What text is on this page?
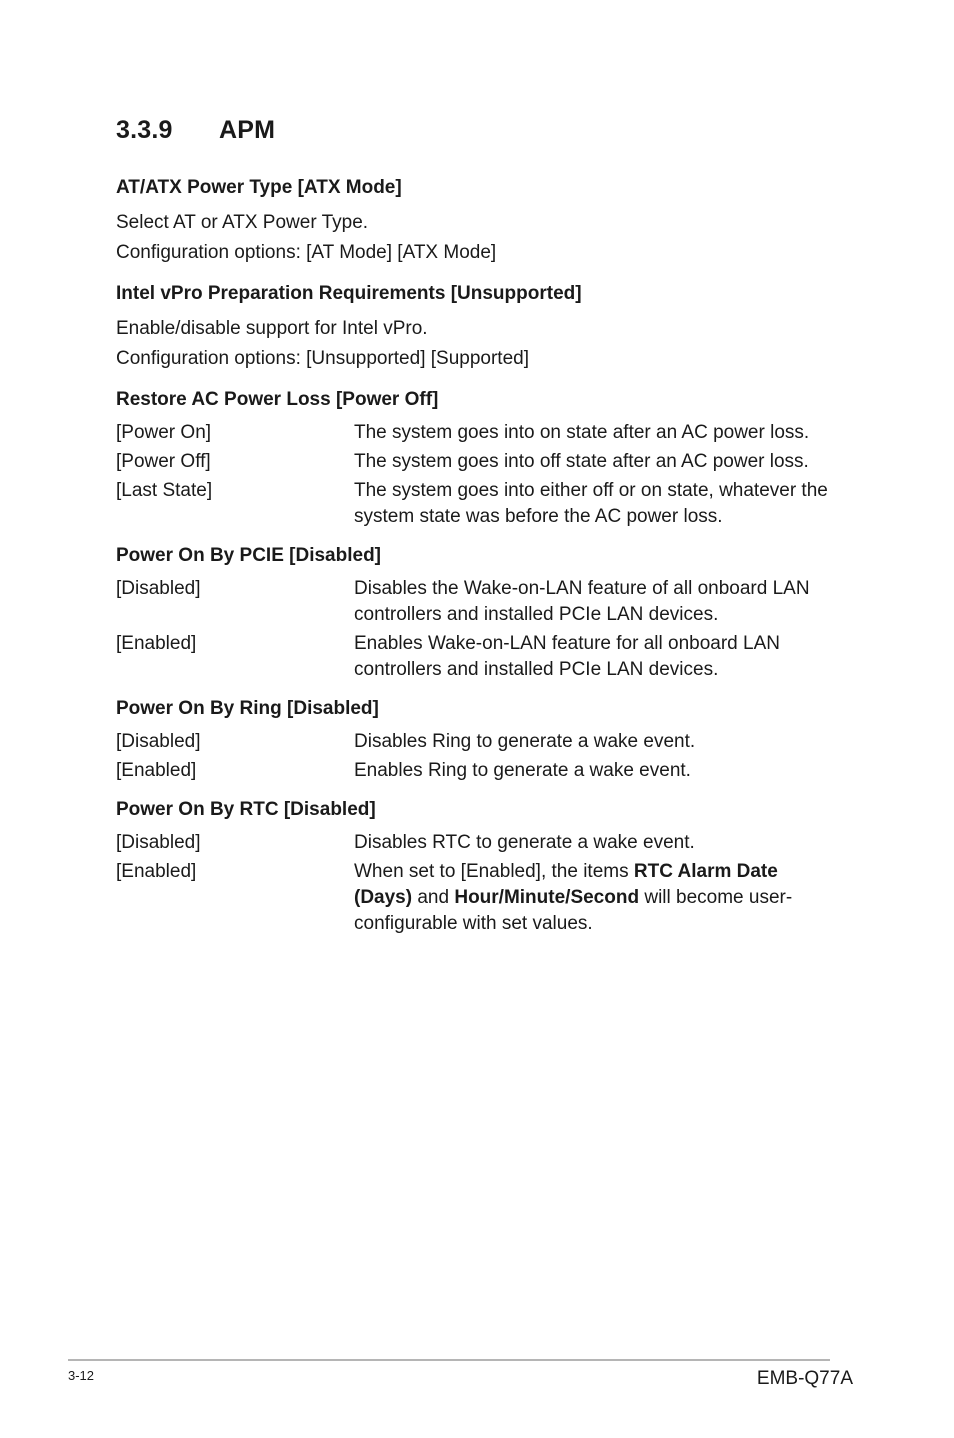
3.3.9 APM
AT/ATX Power Type [ATX Mode]

Select AT or ATX Power Type.

Configuration options: [AT Mode] [ATX Mode]

Intel vPro Preparation Requirements [Unsupported]

Enable/disable support for Intel vPro.

Configuration options: [Unsupported] [Supported]

Restore AC Power Loss [Power Off]
[Power On]	The system goes into on state after an AC power loss.
[Power Off]	The system goes into off state after an AC power loss.
[Last State]	The system goes into either off or on state, whatever the system state was before the AC power loss.
Power On By PCIE [Disabled]
[Disabled]	Disables the Wake-on-LAN feature of all onboard LAN controllers and installed PCIe LAN devices.
[Enabled]	Enables Wake-on-LAN feature for all onboard LAN controllers and installed PCIe LAN devices.
Power On By Ring [Disabled]
[Disabled]	Disables Ring to generate a wake event.
[Enabled]	Enables Ring to generate a wake event.
Power On By RTC [Disabled]
[Disabled]	Disables RTC to generate a wake event.
[Enabled]	When set to [Enabled], the items RTC Alarm Date (Days) and Hour/Minute/Second will become user-configurable with set values.
3-12	EMB-Q77A
